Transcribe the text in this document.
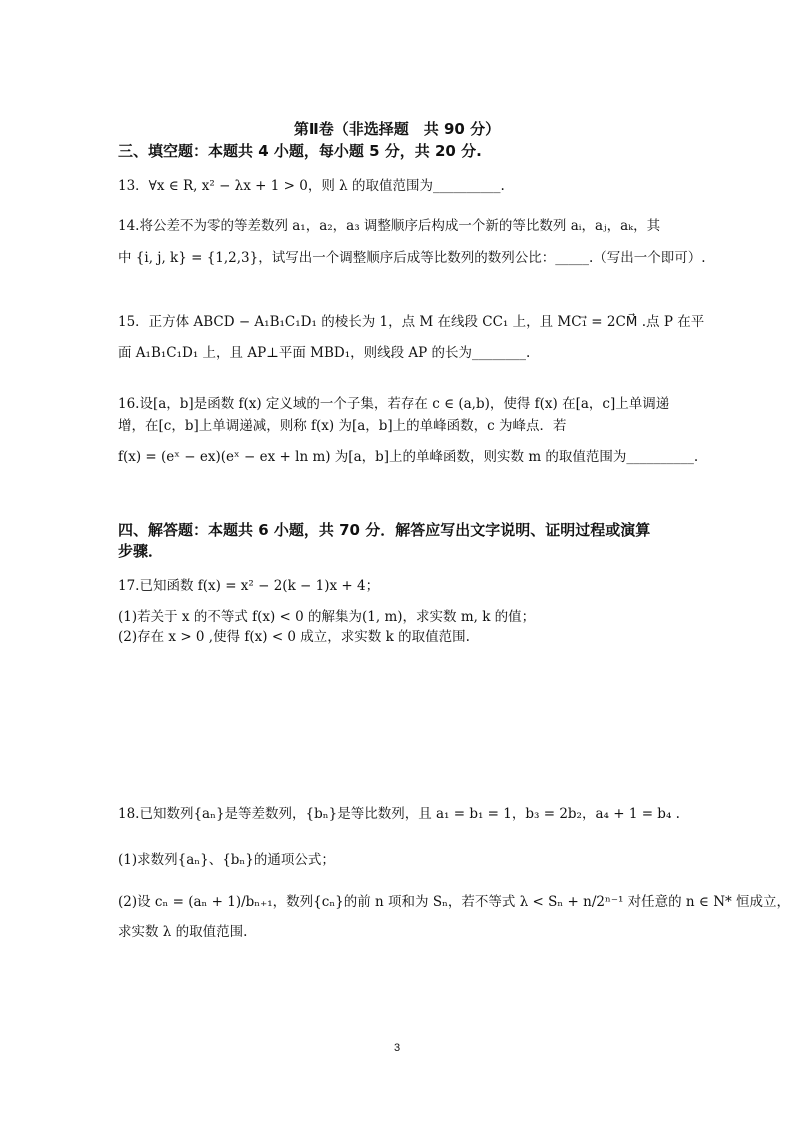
第Ⅱ卷（非选择题　共 90 分）
三、填空题：本题共 4 小题，每小题 5 分，共 20 分.
13．∀x ∈ R, x² − λx + 1 > 0，则 λ 的取值范围为__________.
14.将公差不为零的等差数列 a₁，a₂，a₃ 调整顺序后构成一个新的等比数列 aᵢ，aⱼ，aₖ，其
中 {i, j, k} = {1,2,3}，试写出一个调整顺序后成等比数列的数列公比：_____.（写出一个即可）.
15．正方体 ABCD − A₁B₁C₁D₁ 的棱长为 1，点 M 在线段 CC₁ 上，且 MC₁⃗ = 2CM⃗ .点 P 在平
面 A₁B₁C₁D₁ 上，且 AP⊥平面 MBD₁，则线段 AP 的长为________.
16.设[a，b]是函数 f(x) 定义域的一个子集，若存在 c ∈ (a,b)，使得 f(x) 在[a，c]上单调递
增，在[c，b]上单调递减，则称 f(x) 为[a，b]上的单峰函数，c 为峰点．若
f(x) = (eˣ − ex)(eˣ − ex + ln m) 为[a，b]上的单峰函数，则实数 m 的取值范围为__________.
四、解答题：本题共 6 小题，共 70 分．解答应写出文字说明、证明过程或演算
步骤．
17.已知函数 f(x) = x² − 2(k − 1)x + 4；
(1)若关于 x 的不等式 f(x) < 0 的解集为(1, m)，求实数 m, k 的值；
(2)存在 x > 0 ,使得 f(x) < 0 成立，求实数 k 的取值范围.
18.已知数列{aₙ}是等差数列，{bₙ}是等比数列，且 a₁ = b₁ = 1，b₃ = 2b₂，a₄ + 1 = b₄ .
(1)求数列{aₙ}、{bₙ}的通项公式；
(2)设 cₙ = (aₙ + 1)/bₙ₊₁，数列{cₙ}的前 n 项和为 Sₙ，若不等式 λ < Sₙ + n/2ⁿ⁻¹ 对任意的 n ∈ N* 恒成立，
求实数 λ 的取值范围.
3
